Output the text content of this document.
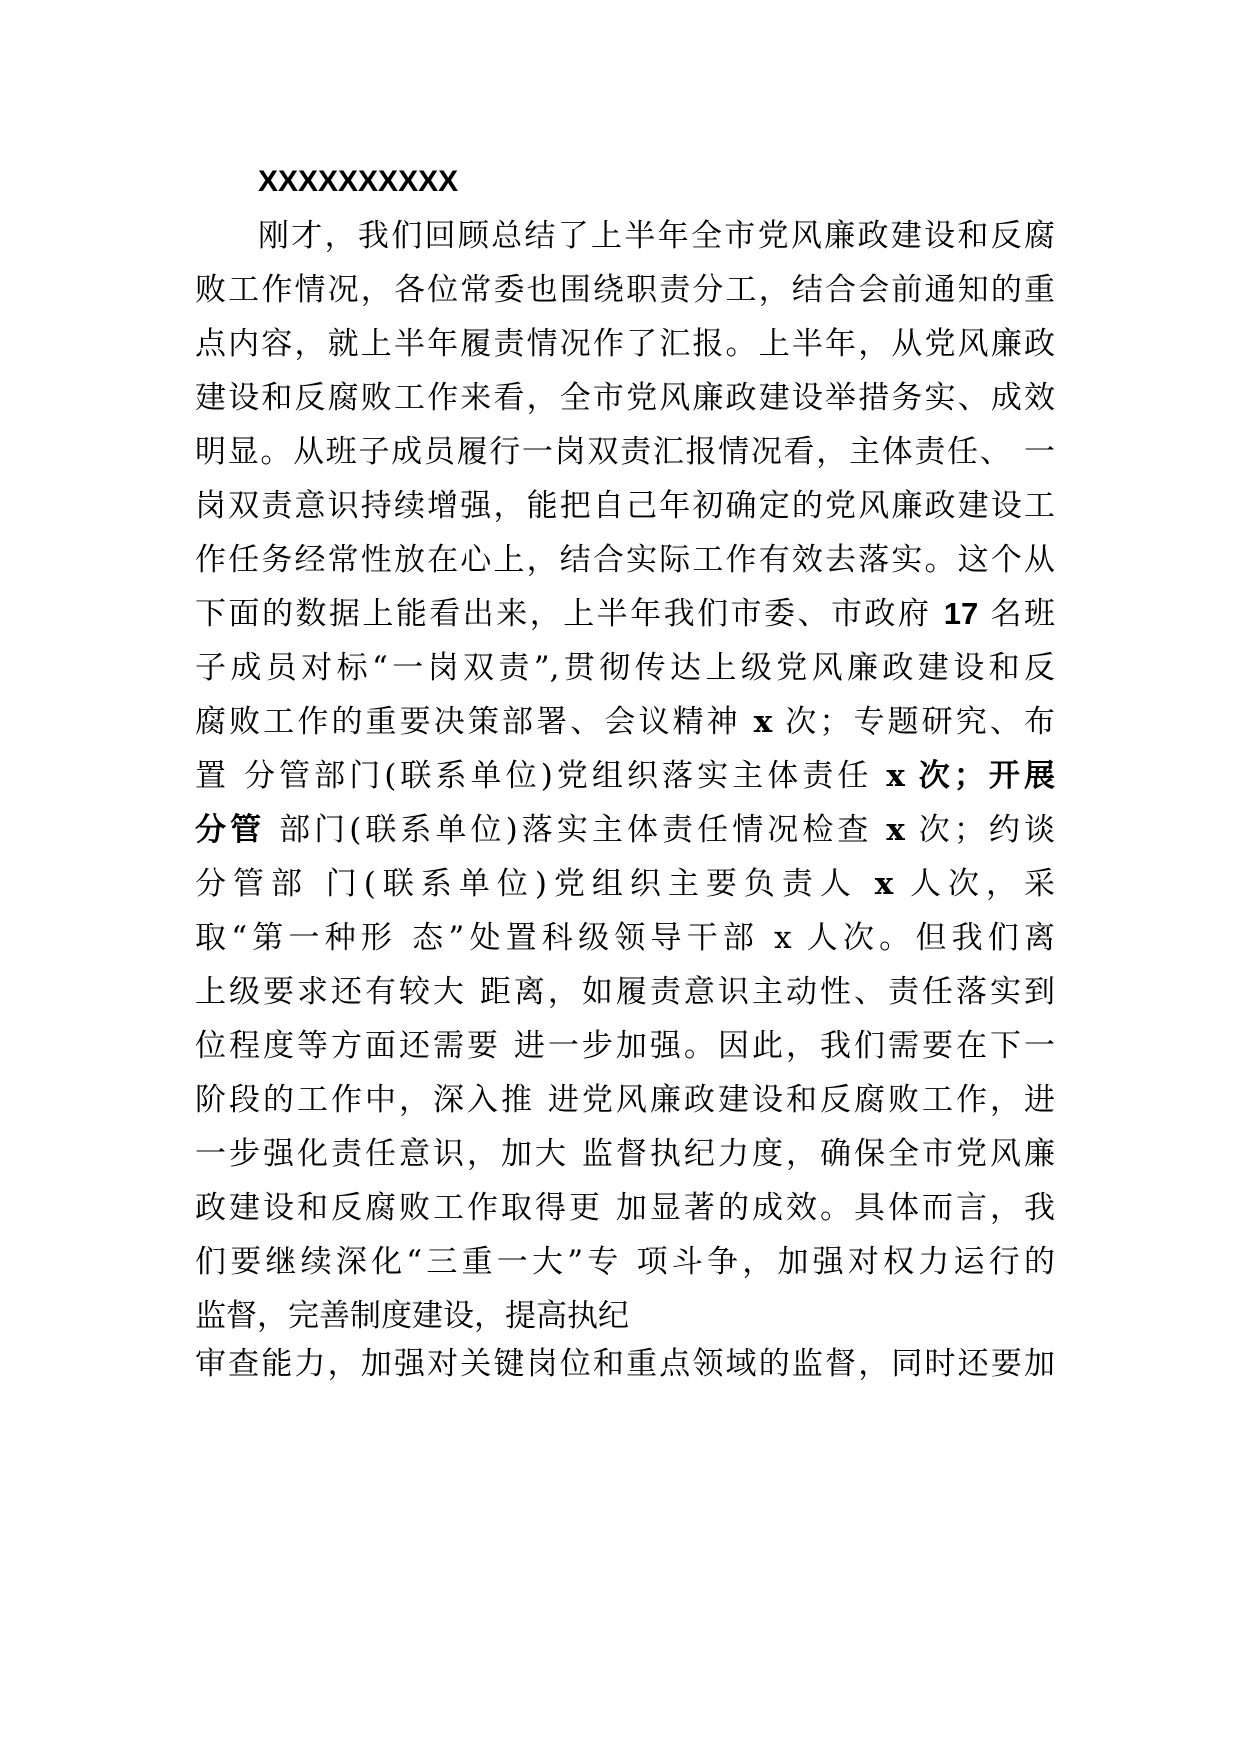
XXXXXXXXXX
刚才，我们回顾总结了上半年全市党风廉政建设和反腐
败工作情况，各位常委也围绕职责分工，结合会前通知的重
点内容，就上半年履责情况作了汇报。上半年，从党风廉政
建设和反腐败工作来看，全市党风廉政建设举措务实、成效
明显。从班子成员履行一岗双责汇报情况看，主体责任、 一
岗双责意识持续增强，能把自己年初确定的党风廉政建设工
作任务经常性放在心上，结合实际工作有效去落实。这个从
下面的数据上能看出来，上半年我们市委、市政府 17 名班
子成员对标“一岗双责”,贯彻传达上级党风廉政建设和反
腐败工作的重要决策部署、会议精神 x 次；专题研究、布
置 分管部门(联系单位)党组织落实主体责任 x 次；开展
分管 部门(联系单位)落实主体责任情况检查 x 次；约谈
分管部 门(联系单位)党组织主要负责人 x 人次，采
取“第一种形 态”处置科级领导干部 x 人次。但我们离
上级要求还有较大 距离，如履责意识主动性、责任落实到
位程度等方面还需要 进一步加强。因此，我们需要在下一
阶段的工作中，深入推 进党风廉政建设和反腐败工作，进
一步强化责任意识，加大 监督执纪力度，确保全市党风廉
政建设和反腐败工作取得更 加显著的成效。具体而言，我
们要继续深化“三重一大”专 项斗争，加强对权力运行的
监督，完善制度建设，提高执纪
审查能力，加强对关键岗位和重点领域的监督，同时还要加
